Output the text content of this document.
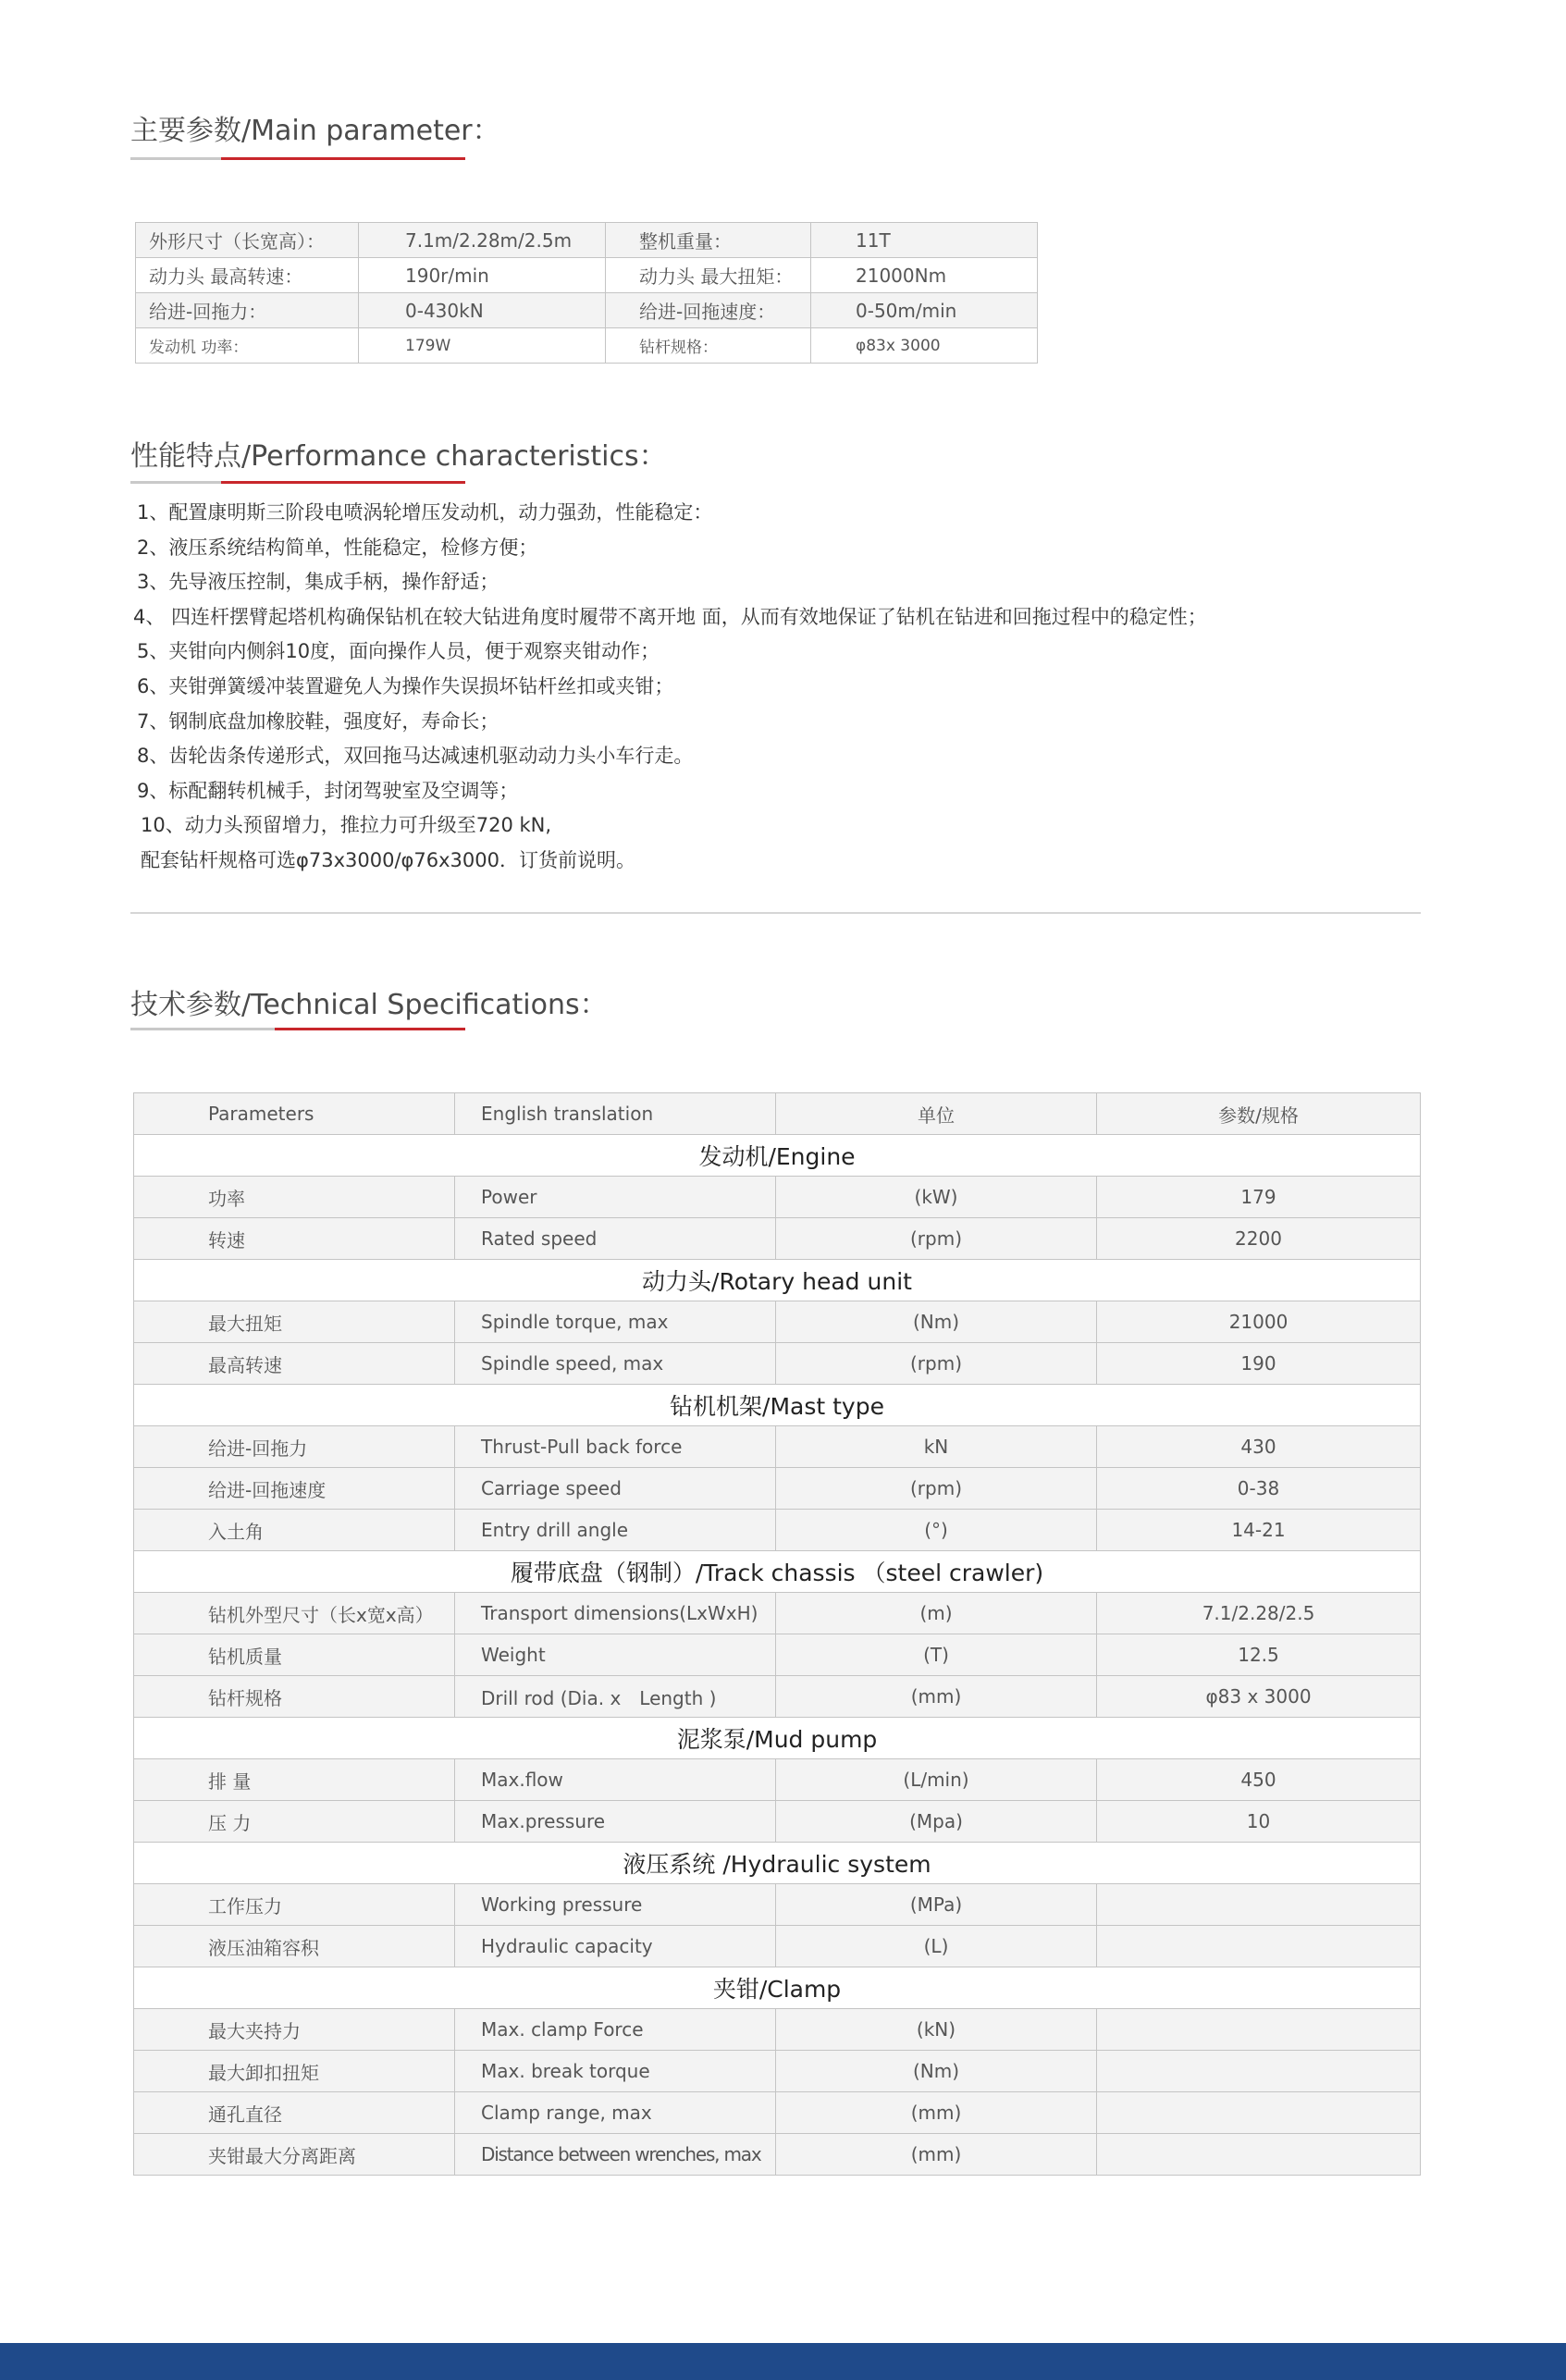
主要参数/Main parameter：
外形尺寸（长宽高）：	7.1m/2.28m/2.5m	整机重量：	11T
动力头 最高转速：	190r/min	动力头 最大扭矩：	21000Nm
给进-回拖力：	0-430kN	给进-回拖速度：	0-50m/min
发动机 功率：	179W	钻杆规格：	φ83x 3000
性能特点/Performance characteristics：
1、配置康明斯三阶段电喷涡轮增压发动机，动力强劲，性能稳定：
2、液压系统结构简单，性能稳定，检修方便；
3、先导液压控制，集成手柄，操作舒适；
4、 四连杆摆臂起塔机构确保钻机在较大钻进角度时履带不离开地 面，从而有效地保证了钻机在钻进和回拖过程中的稳定性；
5、夹钳向内侧斜10度，面向操作人员，便于观察夹钳动作；
6、夹钳弹簧缓冲装置避免人为操作失误损坏钻杆丝扣或夹钳；
7、钢制底盘加橡胶鞋，强度好，寿命长；
8、齿轮齿条传递形式，双回拖马达减速机驱动动力头小车行走。
9、标配翻转机械手，封闭驾驶室及空调等；
10、动力头预留增力，推拉力可升级至720 kN,
配套钻杆规格可选φ73x3000/φ76x3000．订货前说明。
技术参数/Technical Specifications：
Parameters	English translation	单位	参数/规格
发动机/Engine			
功率	Power	(kW)	179
转速	Rated speed	(rpm)	2200
动力头/Rotary head unit			
最大扭矩	Spindle torque, max	(Nm)	21000
最高转速	Spindle speed, max	(rpm)	190
钻机机架/Mast type			
给进-回拖力	Thrust-Pull back force	kN	430
给进-回拖速度	Carriage speed	(rpm)	0-38
入土角	Entry drill angle	(°)	14-21
履带底盘（钢制）/Track chassis （steel crawler)			
钻机外型尺寸（长x宽x高）	Transport dimensions(LxWxH)	(m)	7.1/2.28/2.5
钻机质量	Weight	(T)	12.5
钻杆规格	Drill rod (Dia. x　Length )	(mm)	φ83 x 3000
泥浆泵/Mud pump			
排 量	Max.flow	(L/min)	450
压 力	Max.pressure	(Mpa)	10
液压系统 /Hydraulic system			
工作压力	Working pressure	(MPa)	
液压油箱容积	Hydraulic capacity	(L)	
夹钳/Clamp			
最大夹持力	Max. clamp Force	(kN)	
最大卸扣扭矩	Max. break torque	(Nm)	
通孔直径	Clamp range, max	(mm)	
夹钳最大分离距离	Distance between wrenches, max	(mm)	
